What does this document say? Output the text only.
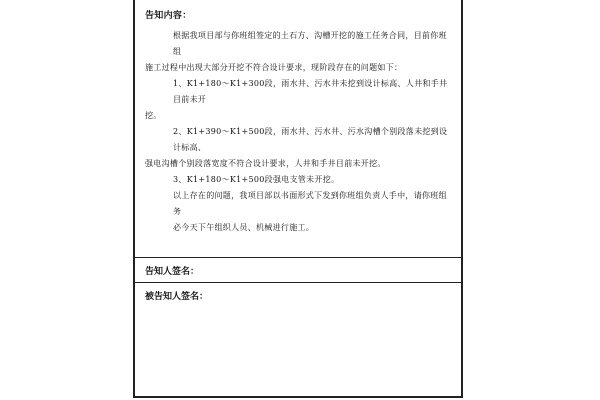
告知内容：

根据我项目部与你班组签定的土石方、沟槽开挖的施工任务合同，目前你班组

施工过程中出现大部分开挖不符合设计要求，现阶段存在的问题如下：

1、K1+180～K1+300段，雨水井、污水井未挖到设计标高、人井和手井目前未开

挖。

2、K1+390～K1+500段，雨水井、污水井、污水沟槽个别段落未挖到设计标高、

强电沟槽个别段落宽度不符合设计要求，人井和手井目前未开挖。

3、K1+180～K1+500段强电支管未开挖。

以上存在的问题，我项目部以书面形式下发到你班组负责人手中，请你班组务

必今天下午组织人员、机械进行施工。

告知人签名：
被告知人签名：
